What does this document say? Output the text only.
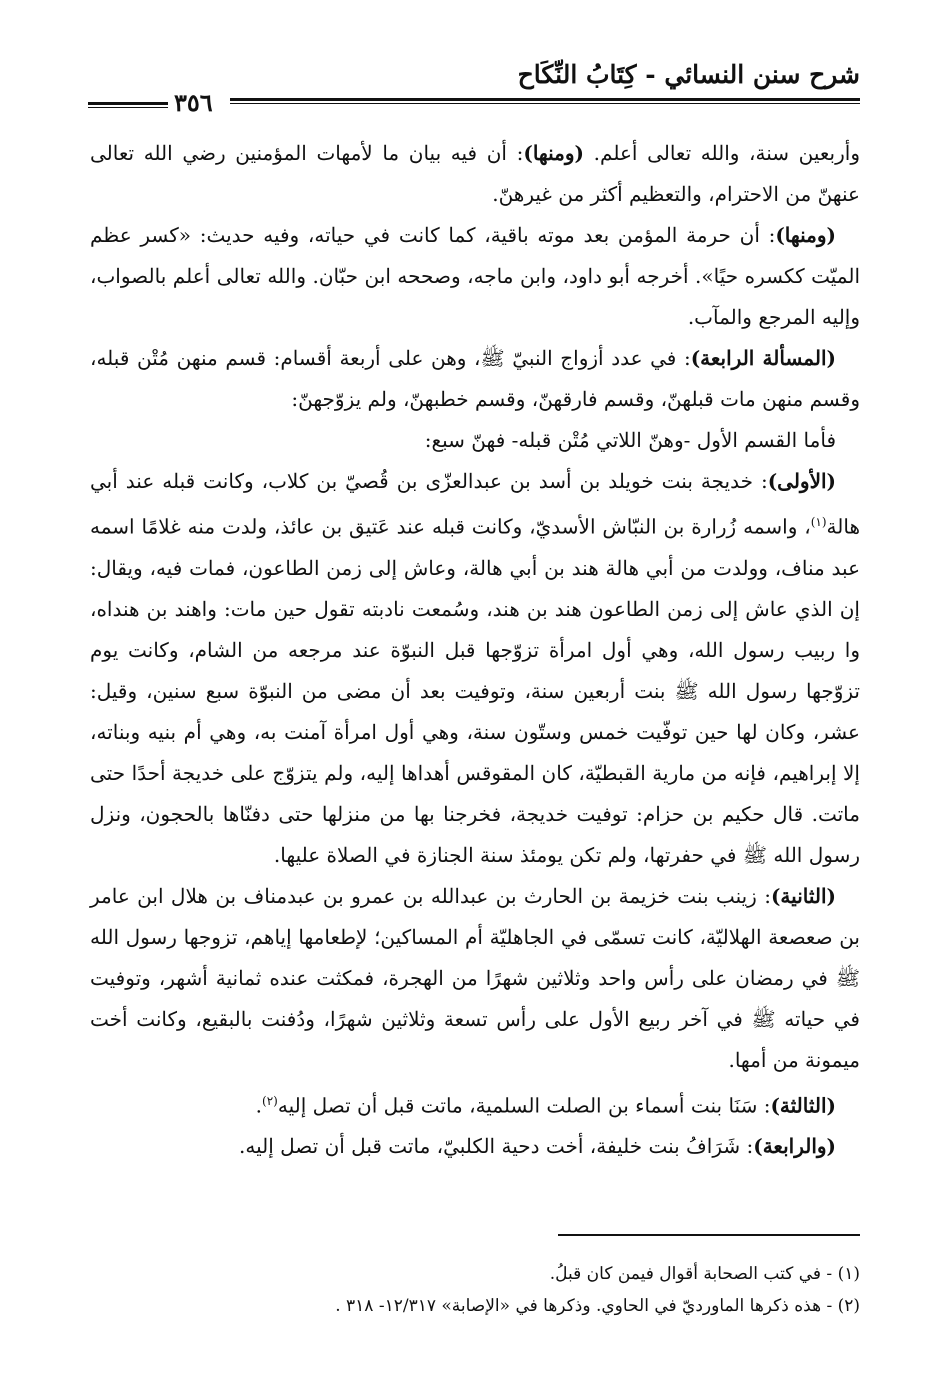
شرح سنن النسائي - كِتَابُ النِّكَاح
٣٥٦

وأربعين سنة، والله تعالى أعلم. (ومنها): أن فيه بيان ما لأمهات المؤمنين رضي الله تعالى عنهنّ من الاحترام، والتعظيم أكثر من غيرهنّ.

(ومنها): أن حرمة المؤمن بعد موته باقية، كما كانت في حياته، وفيه حديث: «كسر عظم الميّت ككسره حيًا». أخرجه أبو داود، وابن ماجه، وصححه ابن حبّان. والله تعالى أعلم بالصواب، وإليه المرجع والمآب.

(المسألة الرابعة): في عدد أزواج النبيّ ﷺ، وهن على أربعة أقسام: قسم منهن مُتْن قبله، وقسم منهن مات قبلهنّ، وقسم فارقهنّ، وقسم خطبهنّ، ولم يزوّجهنّ:

فأما القسم الأول -وهنّ اللاتي مُتْن قبله- فهنّ سبع:

(الأولى): خديجة بنت خويلد بن أسد بن عبدالعزّى بن قُصيّ بن كلاب، وكانت قبله عند أبي هالة$^{(١)}$، واسمه زُرارة بن النبّاش الأسديّ، وكانت قبله عند عَتيق بن عائذ، ولدت منه غلامًا اسمه عبد مناف، وولدت من أبي هالة هند بن أبي هالة، وعاش إلى زمن الطاعون، فمات فيه، ويقال: إن الذي عاش إلى زمن الطاعون هند بن هند، وسُمعت نادبته تقول حين مات: واهند بن هنداه، وا ربيب رسول الله، وهي أول امرأة تزوّجها قبل النبوّة عند مرجعه من الشام، وكانت يوم تزوّجها رسول الله ﷺ بنت أربعين سنة، وتوفيت بعد أن مضى من النبوّة سبع سنين، وقيل: عشر، وكان لها حين توفّيت خمس وستّون سنة، وهي أول امرأة آمنت به، وهي أم بنيه وبناته، إلا إبراهيم، فإنه من مارية القبطيّة، كان المقوقس أهداها إليه، ولم يتزوّج على خديجة أحدًا حتى ماتت. قال حكيم بن حزام: توفيت خديجة، فخرجنا بها من منزلها حتى دفنّاها بالحجون، ونزل رسول الله ﷺ في حفرتها، ولم تكن يومئذ سنة الجنازة في الصلاة عليها.

(الثانية): زينب بنت خزيمة بن الحارث بن عبدالله بن عمرو بن عبدمناف بن هلال ابن عامر بن صعصعة الهلاليّة، كانت تسمّى في الجاهليّة أم المساكين؛ لإطعامها إياهم، تزوجها رسول الله ﷺ في رمضان على رأس واحد وثلاثين شهرًا من الهجرة، فمكثت عنده ثمانية أشهر، وتوفيت في حياته ﷺ في آخر ربيع الأول على رأس تسعة وثلاثين شهرًا، ودُفنت بالبقيع، وكانت أخت ميمونة من أمها.

(الثالثة): سَنَا بنت أسماء بن الصلت السلمية، ماتت قبل أن تصل إليه$^{(٢)}$.

(والرابعة): شَرَافُ بنت خليفة، أخت دحية الكلبيّ، ماتت قبل أن تصل إليه.

(١) - في كتب الصحابة أقوال فيمن كان قبلُ.

(٢) - هذه ذكرها الماورديّ في الحاوي. وذكرها في «الإصابة» ١٢/٣١٧- ٣١٨ .
